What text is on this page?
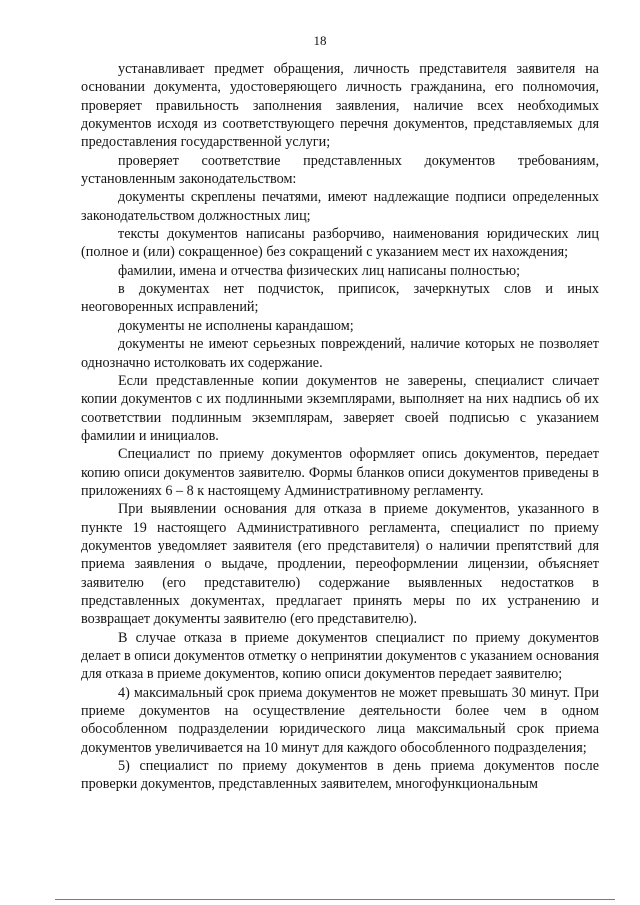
18

устанавливает предмет обращения, личность представителя заявителя на основании документа, удостоверяющего личность гражданина, его полномочия, проверяет правильность заполнения заявления, наличие всех необходимых документов исходя из соответствующего перечня документов, представляемых для предоставления государственной услуги;

проверяет соответствие представленных документов требованиям, установленным законодательством:

документы скреплены печатями, имеют надлежащие подписи определенных законодательством должностных лиц;

тексты документов написаны разборчиво, наименования юридических лиц (полное и (или) сокращенное) без сокращений с указанием мест их нахождения;

фамилии, имена и отчества физических лиц написаны полностью;

в документах нет подчисток, приписок, зачеркнутых слов и иных неоговоренных исправлений;

документы не исполнены карандашом;

документы не имеют серьезных повреждений, наличие которых не позволяет однозначно истолковать их содержание.

Если представленные копии документов не заверены, специалист сличает копии документов с их подлинными экземплярами, выполняет на них надпись об их соответствии подлинным экземплярам, заверяет своей подписью с указанием фамилии и инициалов.

Специалист по приему документов оформляет опись документов, передает копию описи документов заявителю. Формы бланков описи документов приведены в приложениях 6 – 8 к настоящему Административному регламенту.

При выявлении основания для отказа в приеме документов, указанного в пункте 19 настоящего Административного регламента, специалист по приему документов уведомляет заявителя (его представителя) о наличии препятствий для приема заявления о выдаче, продлении, переоформлении лицензии, объясняет заявителю (его представителю) содержание выявленных недостатков в представленных документах, предлагает принять меры по их устранению и возвращает документы заявителю (его представителю).

В случае отказа в приеме документов специалист по приему документов делает в описи документов отметку о непринятии документов с указанием основания для отказа в приеме документов, копию описи документов передает заявителю;

4) максимальный срок приема документов не может превышать 30 минут. При приеме документов на осуществление деятельности более чем в одном обособленном подразделении юридического лица максимальный срок приема документов увеличивается на 10 минут для каждого обособленного подразделения;

5) специалист по приему документов в день приема документов после проверки документов, представленных заявителем, многофункциональным
